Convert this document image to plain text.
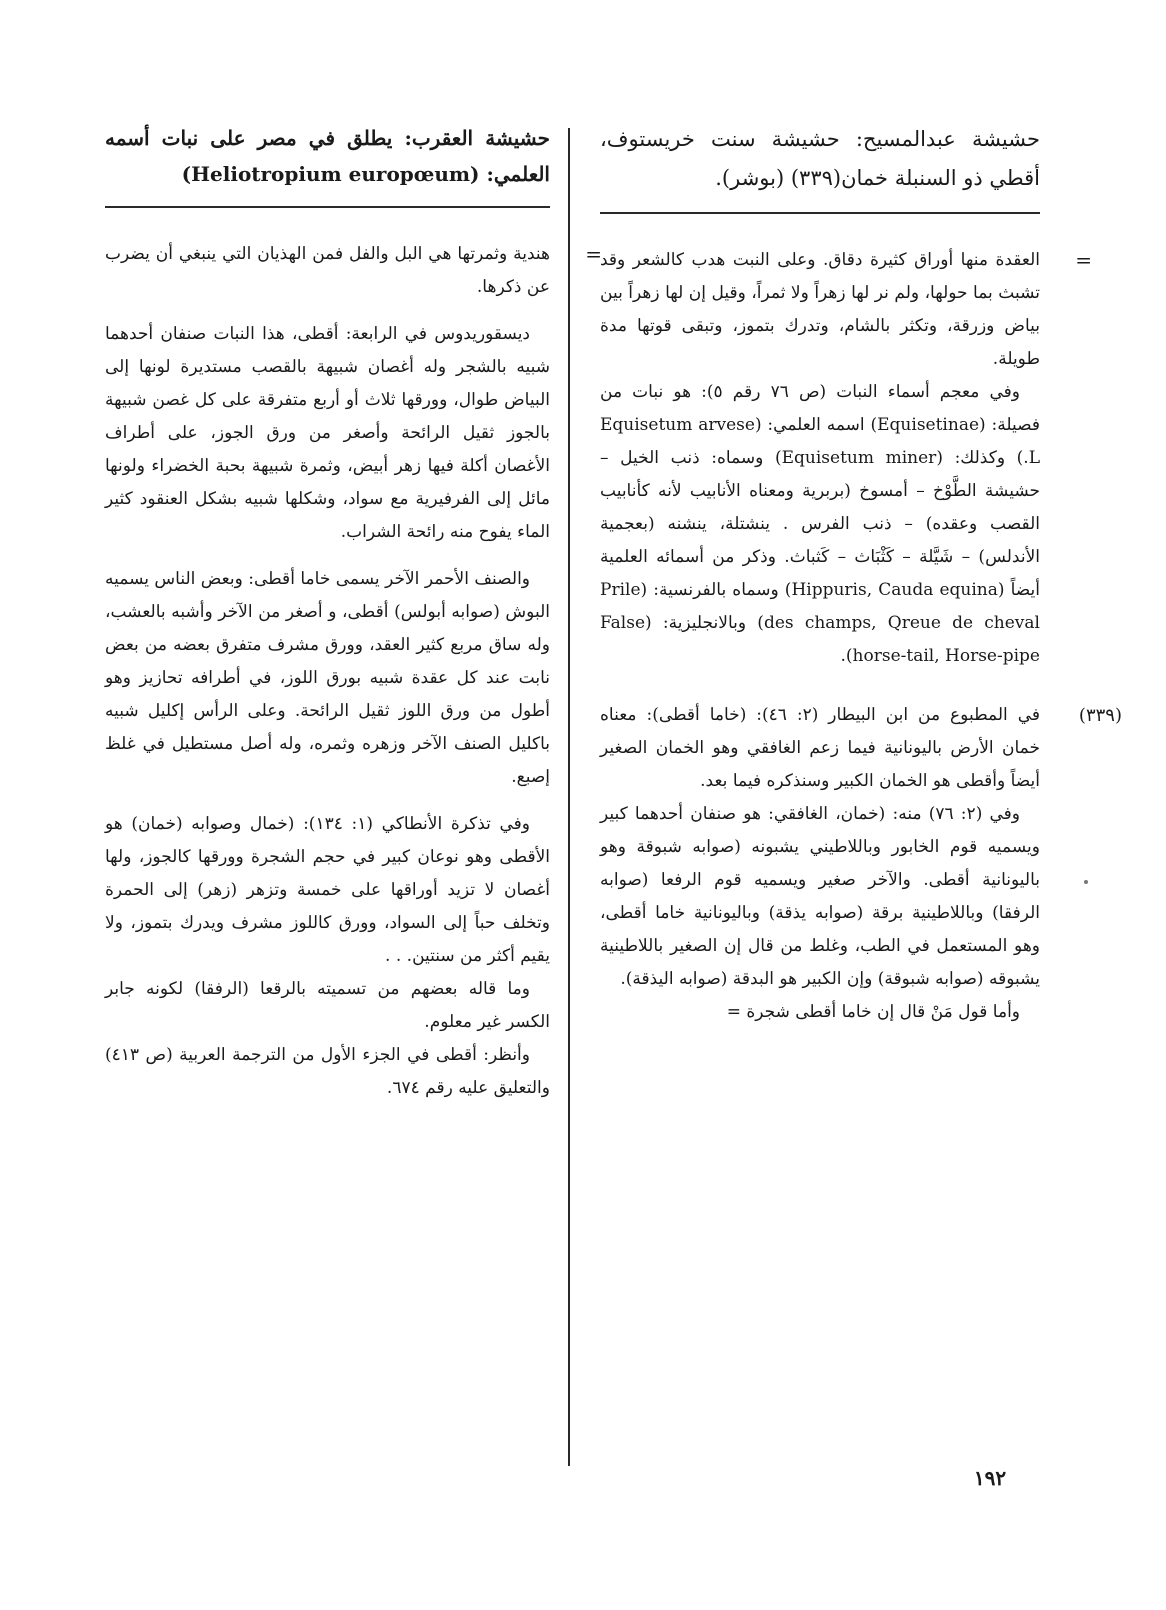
حشيشة عبدالمسيح: حشيشة سنت خريستوف، أقطي ذو السنبلة خمان(٣٣٩) (بوشر).
=

العقدة منها أوراق كثيرة دقاق. وعلى النبت هدب كالشعر وقد تشبث بما حولها، ولم نر لها زهراً ولا ثمراً، وقيل إن لها زهراً بين بياض وزرقة، وتكثر بالشام، وتدرك بتموز، وتبقى قوتها مدة طويلة.

وفي معجم أسماء النبات (ص ٧٦ رقم ٥): هو نبات من فصيلة: (Equisetinae) اسمه العلمي: (Equisetum arvese L.) وكذلك: (Equisetum miner) وسماه: ذنب الخيل – حشيشة الطَّوْخ – أمسوخ (بربرية ومعناه الأنابيب لأنه كأنابيب القصب وعقده) – ذنب الفرس . ينشتلة، ينشنه (بعجمية الأندلس) – شَيَّلة – كَثْبَاث – كَثباث. وذكر من أسمائه العلمية أيضاً (Hippuris, Cauda equina) وسماه بالفرنسية: (Prile des champs, Qreue de cheval) وبالانجليزية: (False horse-tail, Horse-pipe).

(٣٣٩)

في المطبوع من ابن البيطار (٢: ٤٦): (خاما أقطى): معناه خمان الأرض باليونانية فيما زعم الغافقي وهو الخمان الصغير أيضاً وأقطى هو الخمان الكبير وسنذكره فيما بعد.

وفي (٢: ٧٦) منه: (خمان، الغافقي: هو صنفان أحدهما كبير ويسميه قوم الخابور وباللاطيني يشبونه (صوابه شبوقة وهو باليونانية أقطى. والآخر صغير ويسميه قوم الرفعا (صوابه الرفقا) وباللاطينية برقة (صوابه يذقة) وباليونانية خاما أقطى، وهو المستعمل في الطب، وغلط من قال إن الصغير باللاطينية يشبوقه (صوابه شبوقة) وإن الكبير هو البدقة (صوابه اليذقة).

وأما قول مَنْ قال إن خاما أقطى شجرة =

حشيشة العقرب: يطلق في مصر على نبات أسمه العلمي: (Heliotropium europœum)
=

هندية وثمرتها هي البل والفل فمن الهذيان التي ينبغي أن يضرب عن ذكرها.

ديسقوريدوس في الرابعة: أقطى، هذا النبات صنفان أحدهما شبيه بالشجر وله أغصان شبيهة بالقصب مستديرة لونها إلى البياض طوال، وورقها ثلاث أو أربع متفرقة على كل غصن شبيهة بالجوز ثقيل الرائحة وأصغر من ورق الجوز، على أطراف الأغصان أكلة فيها زهر أبيض، وثمرة شبيهة بحبة الخضراء ولونها مائل إلى الفرفيرية مع سواد، وشكلها شبيه بشكل العنقود كثير الماء يفوح منه رائحة الشراب.

والصنف الأحمر الآخر يسمى خاما أقطى: وبعض الناس يسميه البوش (صوابه أبولس) أقطى، و أصغر من الآخر وأشبه بالعشب، وله ساق مربع كثير العقد، وورق مشرف متفرق بعضه من بعض نابت عند كل عقدة شبيه بورق اللوز، في أطرافه تحازيز وهو أطول من ورق اللوز ثقيل الرائحة. وعلى الرأس إكليل شبيه باكليل الصنف الآخر وزهره وثمره، وله أصل مستطيل في غلظ إصبع.

وفي تذكرة الأنطاكي (١: ١٣٤): (خمال وصوابه (خمان) هو الأقطى وهو نوعان كبير في حجم الشجرة وورقها كالجوز، ولها أغصان لا تزيد أوراقها على خمسة وتزهر (زهر) إلى الحمرة وتخلف حباً إلى السواد، وورق كاللوز مشرف ويدرك بتموز، ولا يقيم أكثر من سنتين. . .

وما قاله بعضهم من تسميته بالرقعا (الرفقا) لكونه جابر الكسر غير معلوم.

وأنظر: أقطى في الجزء الأول من الترجمة العربية (ص ٤١٣) والتعليق عليه رقم ٦٧٤.

١٩٢
